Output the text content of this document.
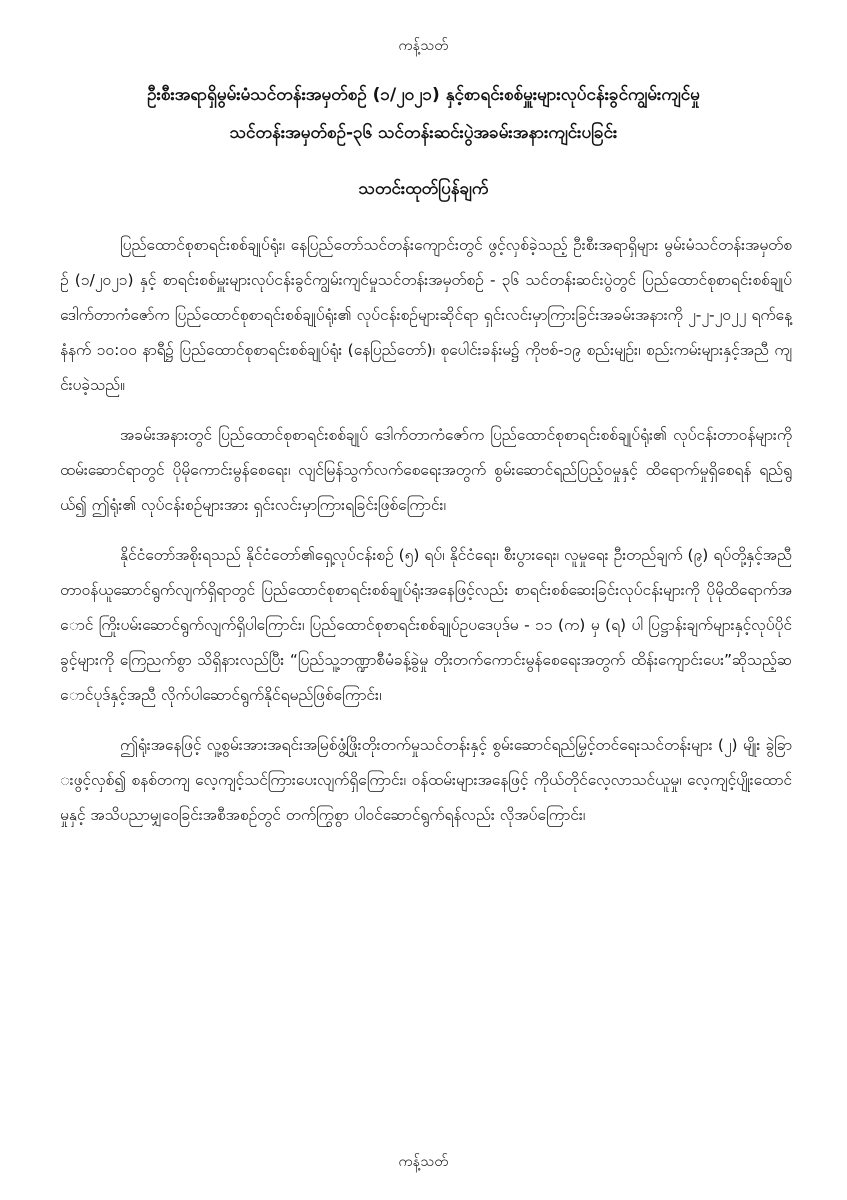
ကန့်သတ်
ဦးစီးအရာရှိမွမ်းမံသင်တန်းအမှတ်စဉ် (၁/၂၀၂၁) နှင့်စာရင်းစစ်မှူးများလုပ်ငန်းခွင်ကျွမ်းကျင်မှု
သင်တန်းအမှတ်စဉ်-၃၆ သင်တန်းဆင်းပွဲအခမ်းအနားကျင်းပခြင်း
သတင်းထုတ်ပြန်ချက်

ပြည်ထောင်စုစာရင်းစစ်ချုပ်ရုံး၊ နေပြည်တော်သင်တန်းကျောင်းတွင် ဖွင့်လှစ်ခဲ့သည့် ဦးစီးအရာရှိများ မွမ်းမံသင်တန်းအမှတ်စဉ် (၁/၂၀၂၁) နှင့် စာရင်းစစ်မှူးများလုပ်ငန်းခွင်ကျွမ်းကျင်မှုသင်တန်းအမှတ်စဉ် - ၃၆ သင်တန်းဆင်းပွဲတွင် ပြည်ထောင်စုစာရင်းစစ်ချုပ် ဒေါက်တာကံဇော်က ပြည်ထောင်စုစာရင်းစစ်ချုပ်ရုံး၏ လုပ်ငန်းစဉ်များဆိုင်ရာ ရှင်းလင်းမှာကြားခြင်းအခမ်းအနားကို ၂-၂-၂၀၂၂ ရက်နေ့ နံနက် ၁၀:၀၀ နာရီ၌ ပြည်ထောင်စုစာရင်းစစ်ချုပ်ရုံး (နေပြည်တော်)၊ စုပေါင်းခန်းမ၌ ကိုဗစ်-၁၉ စည်းမျဉ်း၊ စည်းကမ်းများနှင့်အညီ ကျင်းပခဲ့သည်။

အခမ်းအနားတွင် ပြည်ထောင်စုစာရင်းစစ်ချုပ် ဒေါက်တာကံဇော်က ပြည်ထောင်စုစာရင်းစစ်ချုပ်ရုံး၏ လုပ်ငန်းတာဝန်များကို ထမ်းဆောင်ရာတွင် ပိုမိုကောင်းမွန်စေရေး၊ လျင်မြန်သွက်လက်စေရေးအတွက် စွမ်းဆောင်ရည်ပြည့်ဝမှုနှင့် ထိရောက်မှုရှိစေရန် ရည်ရွယ်၍ ဤရုံး၏ လုပ်ငန်းစဉ်များအား ရှင်းလင်းမှာကြားရခြင်းဖြစ်ကြောင်း၊

နိုင်ငံတော်အစိုးရသည် နိုင်ငံတော်၏ရှေ့လုပ်ငန်းစဉ် (၅) ရပ်၊ နိုင်ငံရေး၊ စီးပွားရေး၊ လူမှုရေး ဦးတည်ချက် (၉) ရပ်တို့နှင့်အညီ တာဝန်ယူဆောင်ရွက်လျက်ရှိရာတွင် ပြည်ထောင်စုစာရင်းစစ်ချုပ်ရုံးအနေဖြင့်လည်း စာရင်းစစ်ဆေးခြင်းလုပ်ငန်းများကို ပိုမိုထိရောက်အောင် ကြိုးပမ်းဆောင်ရွက်လျက်ရှိပါကြောင်း၊ ပြည်ထောင်စုစာရင်းစစ်ချုပ်ဥပဒေပုဒ်မ - ၁၁ (က) မှ (ရ) ပါ ပြဋ္ဌာန်းချက်များနှင့်လုပ်ပိုင်ခွင့်များကို ကြေညက်စွာ သိရှိနားလည်ပြီး “ပြည်သူ့ဘဏ္ဍာစီမံခန့်ခွဲမှု တိုးတက်ကောင်းမွန်စေရေးအတွက် ထိန်းကျောင်းပေး”ဆိုသည့်ဆောင်ပုဒ်နှင့်အညီ လိုက်ပါဆောင်ရွက်နိုင်ရမည်ဖြစ်ကြောင်း၊

ဤရုံးအနေဖြင့် လူ့စွမ်းအားအရင်းအမြစ်ဖွံ့ဖြိုးတိုးတက်မှုသင်တန်းနှင့် စွမ်းဆောင်ရည်မြှင့်တင်ရေးသင်တန်းများ (၂) မျိုး ခွဲခြားဖွင့်လှစ်၍ စနစ်တကျ လေ့ကျင့်သင်ကြားပေးလျက်ရှိကြောင်း၊ ဝန်ထမ်းများအနေဖြင့် ကိုယ်တိုင်လေ့လာသင်ယူမှု၊ လေ့ကျင့်ပျိုးထောင်မှုနှင့် အသိပညာမျှဝေခြင်းအစီအစဉ်တွင် တက်ကြွစွာ ပါဝင်ဆောင်ရွက်ရန်လည်း လိုအပ်ကြောင်း၊

ကန့်သတ်
